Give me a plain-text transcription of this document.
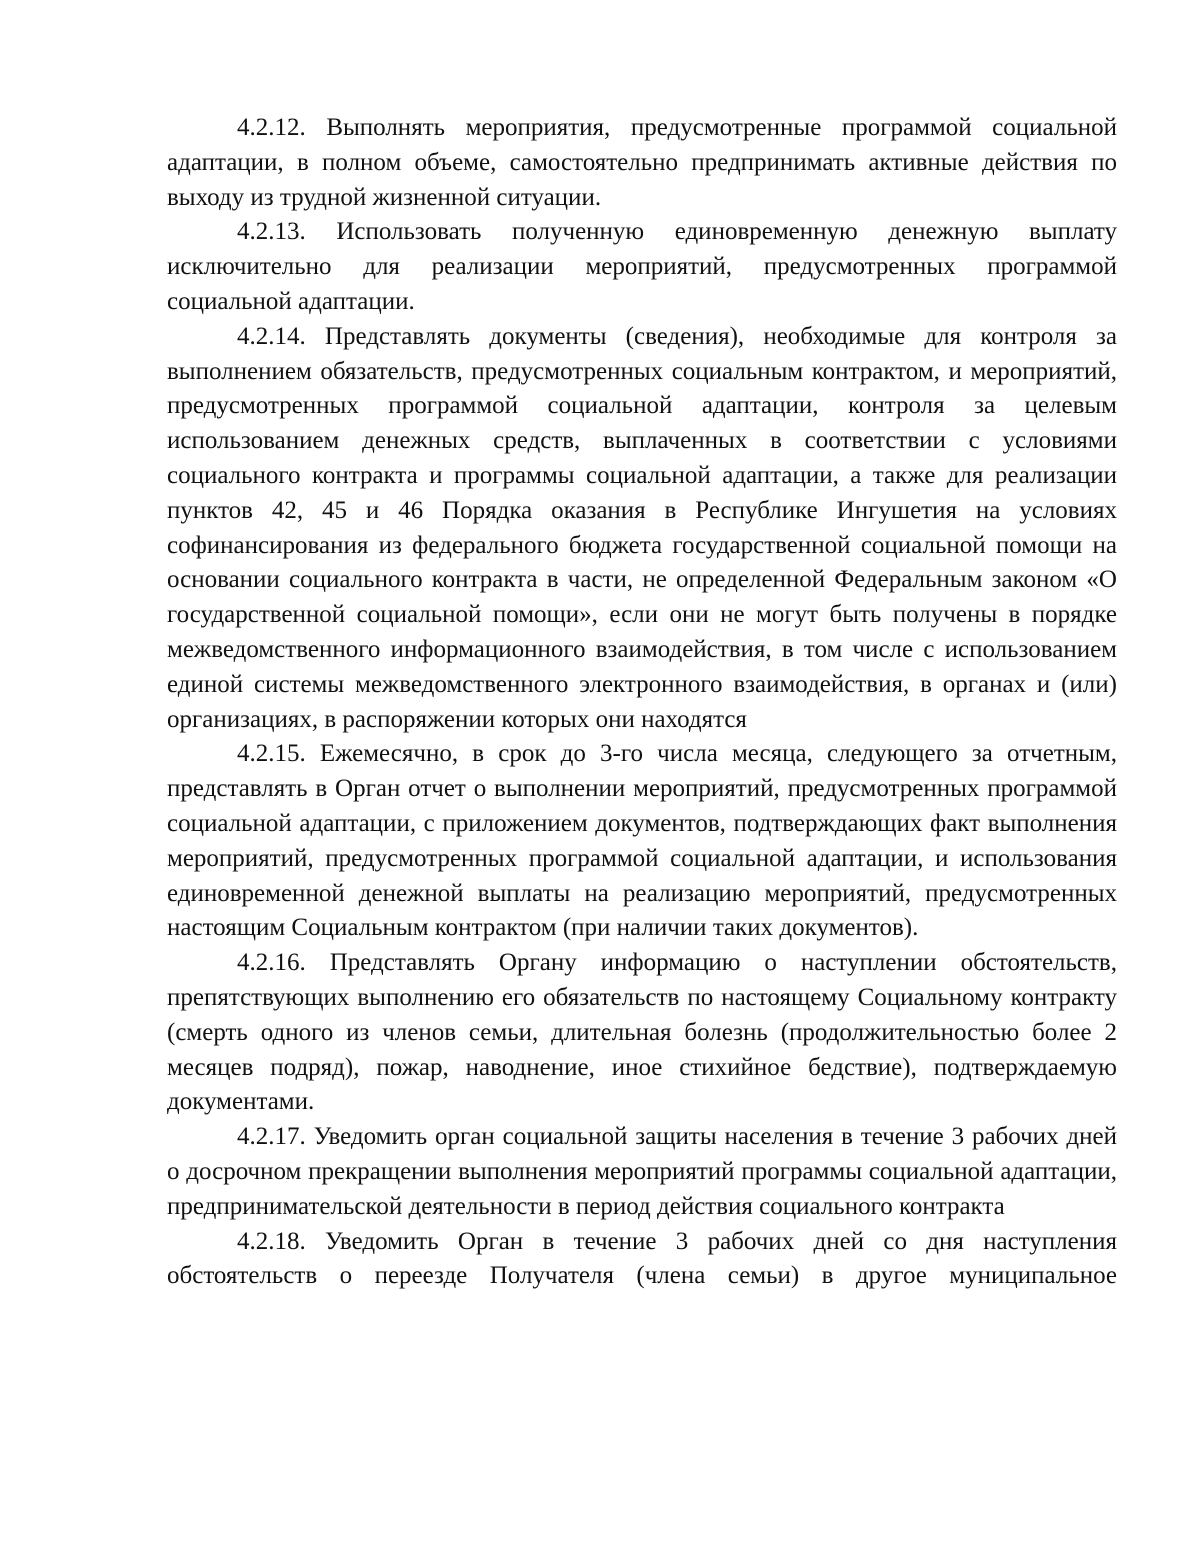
4.2.12. Выполнять мероприятия, предусмотренные программой социальной адаптации, в полном объеме, самостоятельно предпринимать активные действия по выходу из трудной жизненной ситуации.

4.2.13. Использовать полученную единовременную денежную выплату исключительно для реализации мероприятий, предусмотренных программой социальной адаптации.

4.2.14. Представлять документы (сведения), необходимые для контроля за выполнением обязательств, предусмотренных социальным контрактом, и мероприятий, предусмотренных программой социальной адаптации, контроля за целевым использованием денежных средств, выплаченных в соответствии с условиями социального контракта и программы социальной адаптации, а также для реализации пунктов 42, 45 и 46 Порядка оказания в Республике Ингушетия на условиях софинансирования из федерального бюджета государственной социальной помощи на основании социального контракта в части, не определенной Федеральным законом «О государственной социальной помощи», если они не могут быть получены в порядке межведомственного информационного взаимодействия, в том числе с использованием единой системы межведомственного электронного взаимодействия, в органах и (или) организациях, в распоряжении которых они находятся

4.2.15. Ежемесячно, в срок до 3-го числа месяца, следующего за отчетным, представлять в Орган отчет о выполнении мероприятий, предусмотренных программой социальной адаптации, с приложением документов, подтверждающих факт выполнения мероприятий, предусмотренных программой социальной адаптации, и использования единовременной денежной выплаты на реализацию мероприятий, предусмотренных настоящим Социальным контрактом (при наличии таких документов).

4.2.16. Представлять Органу информацию о наступлении обстоятельств, препятствующих выполнению его обязательств по настоящему Социальному контракту (смерть одного из членов семьи, длительная болезнь (продолжительностью более 2 месяцев подряд), пожар, наводнение, иное стихийное бедствие), подтверждаемую документами.

4.2.17. Уведомить орган социальной защиты населения в течение 3 рабочих дней о досрочном прекращении выполнения мероприятий программы социальной адаптации, предпринимательской деятельности в период действия социального контракта

4.2.18. Уведомить Орган в течение 3 рабочих дней со дня наступления обстоятельств о переезде Получателя (члена семьи) в другое муниципальное
